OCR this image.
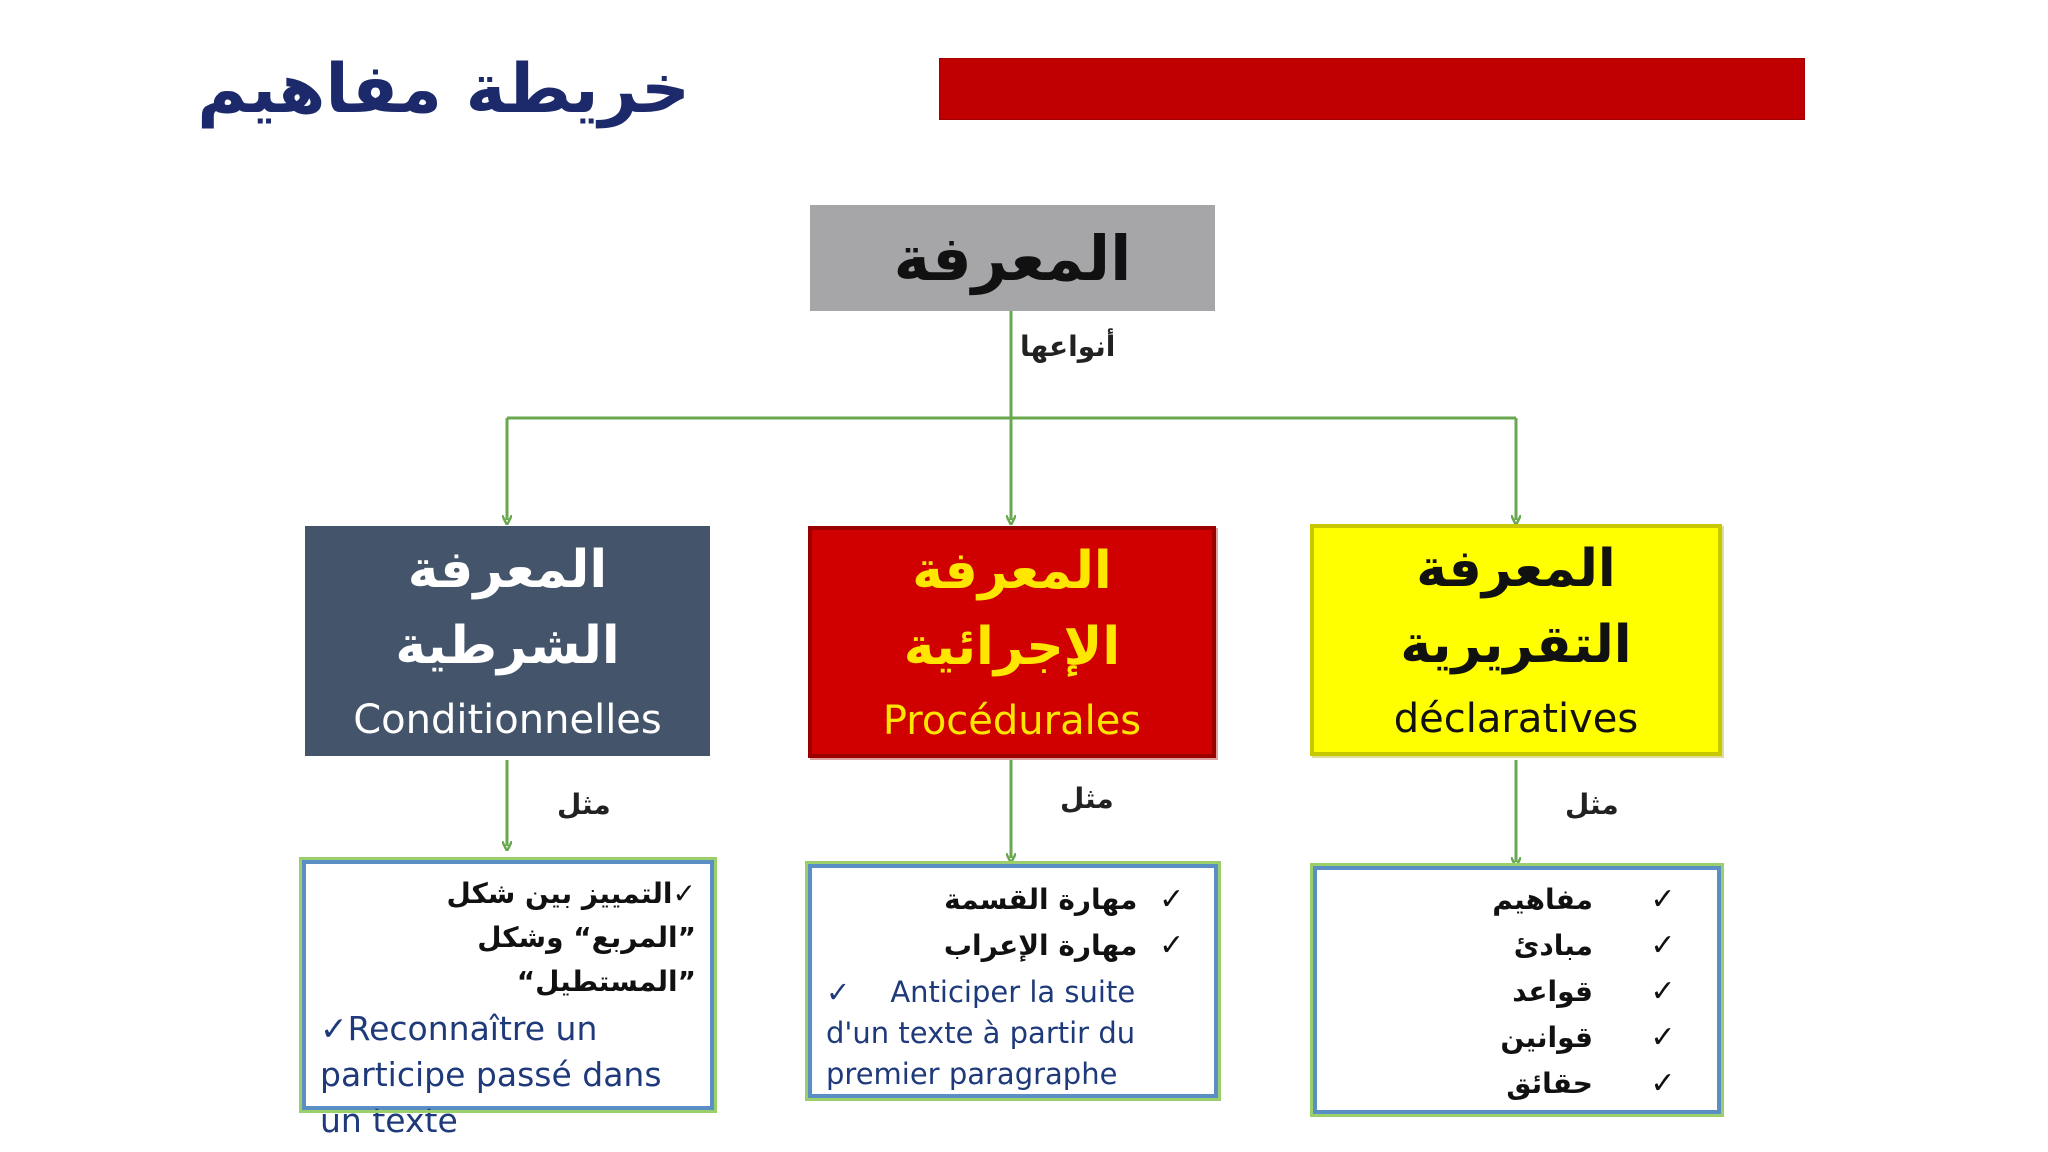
خريطة مفاهيم
المعرفة
أنواعها
المعرفة
الشرطية
Conditionnelles
المعرفة
الإجرائية
Procédurales
المعرفة
التقريرية
déclaratives
مثل	مثل	مثل
✓التمييز بين شكل ”المربع“ وشكل ”المستطيل“
✓Reconnaître un participe passé dans un texte
مهارة القسمة ✓
مهارة الإعراب ✓
✓ Anticiper la suite d'un texte à partir du premier paragraphe
مفاهيم	✓
مبادئ	✓
قواعد	✓
قوانين	✓
حقائق	✓
